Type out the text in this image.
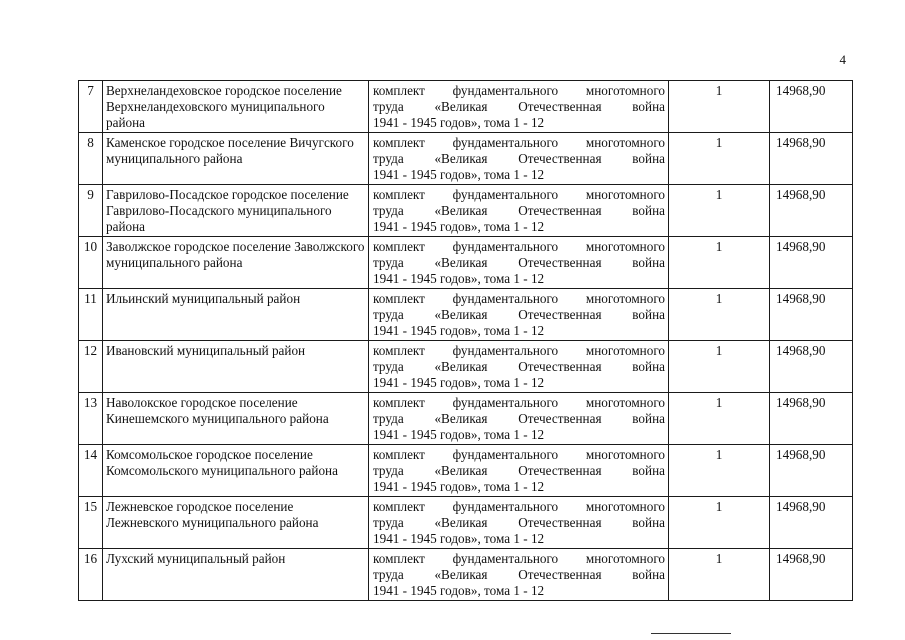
4
7	Верхнеландеховское городское поселение Верхнеландеховского муниципального района	комплект фундаментального многотомного
труда «Великая Отечественная война
1941 - 1945 годов», тома 1 - 12	1	14968,90
8	Каменское городское поселение Вичугского муниципального района	комплект фундаментального многотомного
труда «Великая Отечественная война
1941 - 1945 годов», тома 1 - 12	1	14968,90
9	Гаврилово-Посадское городское поселение Гаврилово-Посадского муниципального района	комплект фундаментального многотомного
труда «Великая Отечественная война
1941 - 1945 годов», тома 1 - 12	1	14968,90
10	Заволжское городское поселение Заволжского муниципального района	комплект фундаментального многотомного
труда «Великая Отечественная война
1941 - 1945 годов», тома 1 - 12	1	14968,90
11	Ильинский муниципальный район	комплект фундаментального многотомного
труда «Великая Отечественная война
1941 - 1945 годов», тома 1 - 12	1	14968,90
12	Ивановский муниципальный район	комплект фундаментального многотомного
труда «Великая Отечественная война
1941 - 1945 годов», тома 1 - 12	1	14968,90
13	Наволокское городское поселение Кинешемского муниципального района	комплект фундаментального многотомного
труда «Великая Отечественная война
1941 - 1945 годов», тома 1 - 12	1	14968,90
14	Комсомольское городское поселение Комсомольского муниципального района	комплект фундаментального многотомного
труда «Великая Отечественная война
1941 - 1945 годов», тома 1 - 12	1	14968,90
15	Лежневское городское поселение Лежневского муниципального района	комплект фундаментального многотомного
труда «Великая Отечественная война
1941 - 1945 годов», тома 1 - 12	1	14968,90
16	Лухский муниципальный район	комплект фундаментального многотомного
труда «Великая Отечественная война
1941 - 1945 годов», тома 1 - 12	1	14968,90
